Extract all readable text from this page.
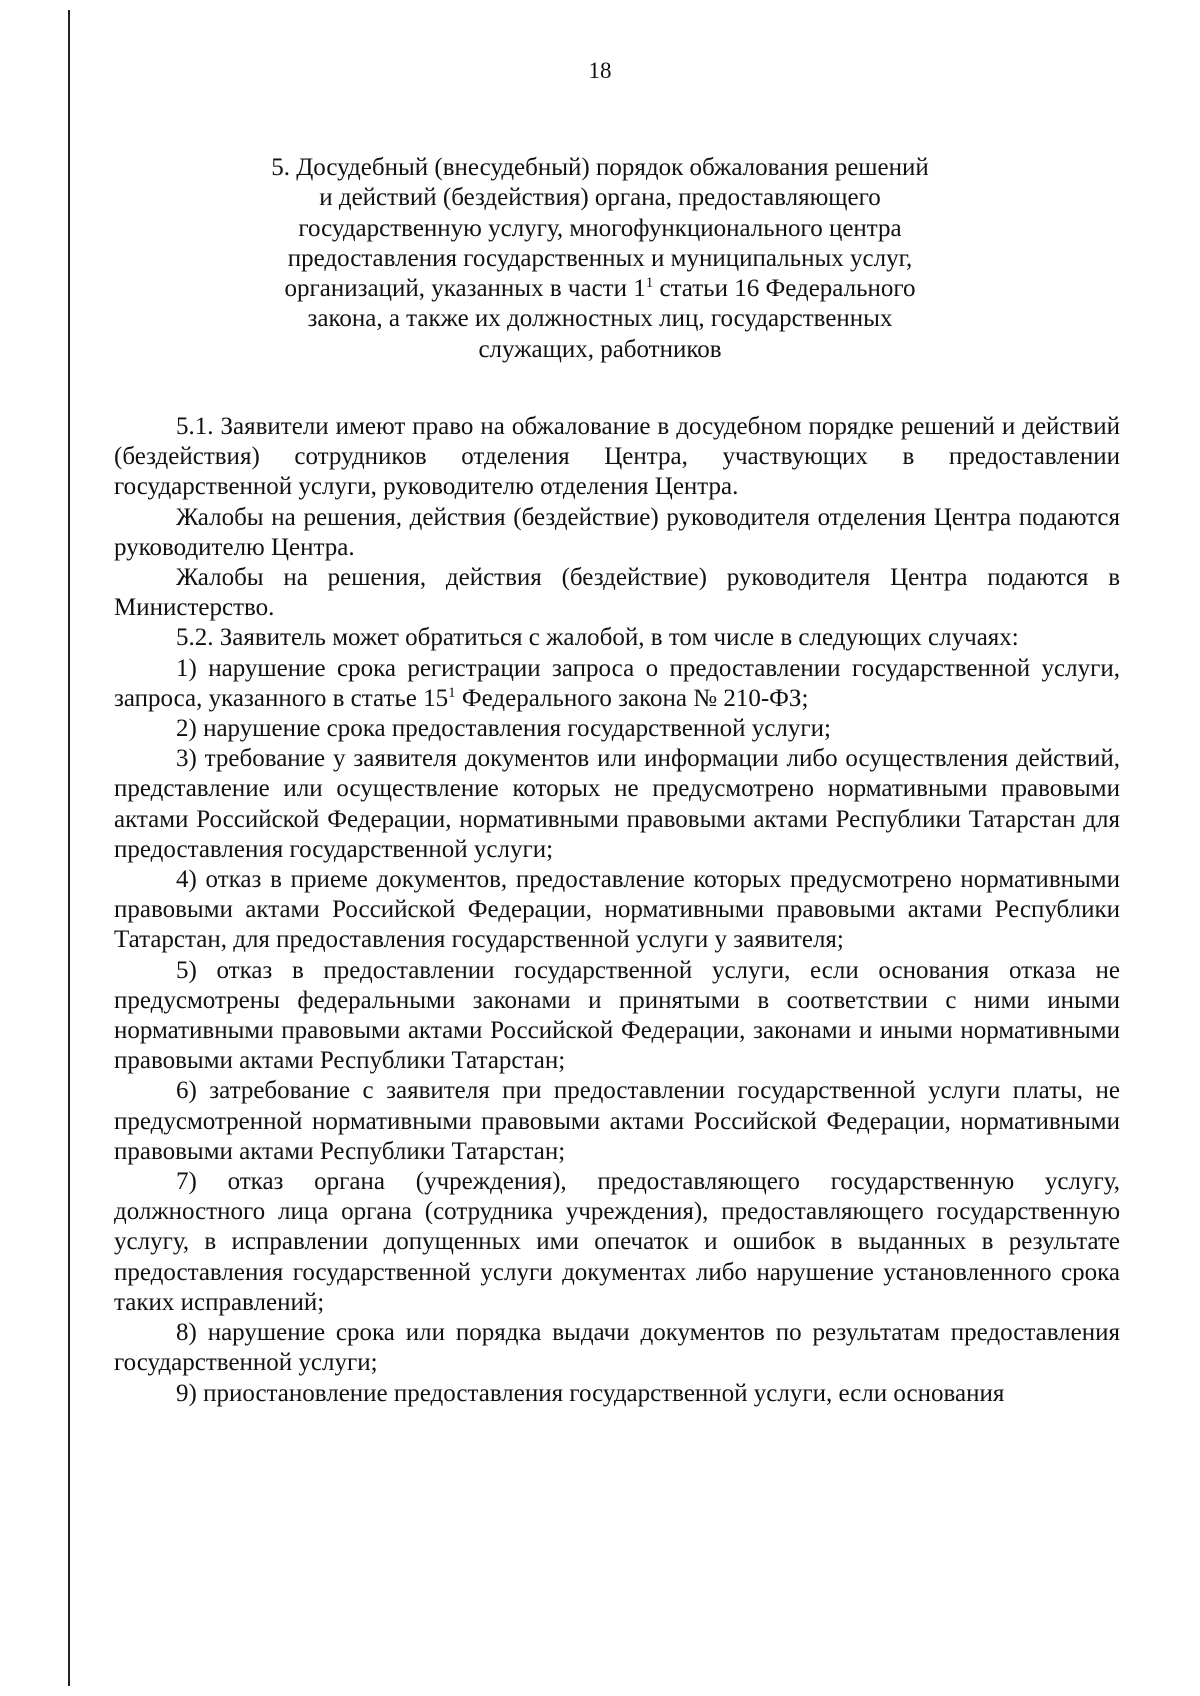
18
5. Досудебный (внесудебный) порядок обжалования решений
и действий (бездействия) органа, предоставляющего
государственную услугу, многофункционального центра
предоставления государственных и муниципальных услуг,
организаций, указанных в части $1^1$ статьи 16 Федерального
закона, а также их должностных лиц, государственных
служащих, работников

5.1. Заявители имеют право на обжалование в досудебном порядке решений и действий (бездействия) сотрудников отделения Центра, участвующих в предоставлении государственной услуги, руководителю отделения Центра.

Жалобы на решения, действия (бездействие) руководителя отделения Центра подаются руководителю Центра.

Жалобы на решения, действия (бездействие) руководителя Центра подаются в Министерство.

5.2. Заявитель может обратиться с жалобой, в том числе в следующих случаях:

1) нарушение срока регистрации запроса о предоставлении государственной услуги, запроса, указанного в статье $15^1$ Федерального закона № 210-ФЗ;

2) нарушение срока предоставления государственной услуги;

3) требование у заявителя документов или информации либо осуществления действий, представление или осуществление которых не предусмотрено нормативными правовыми актами Российской Федерации, нормативными правовыми актами Республики Татарстан для предоставления государственной услуги;

4) отказ в приеме документов, предоставление которых предусмотрено нормативными правовыми актами Российской Федерации, нормативными правовыми актами Республики Татарстан, для предоставления государственной услуги у заявителя;

5) отказ в предоставлении государственной услуги, если основания отказа не предусмотрены федеральными законами и принятыми в соответствии с ними иными нормативными правовыми актами Российской Федерации, законами и иными нормативными правовыми актами Республики Татарстан;

6) затребование с заявителя при предоставлении государственной услуги платы, не предусмотренной нормативными правовыми актами Российской Федерации, нормативными правовыми актами Республики Татарстан;

7) отказ органа (учреждения), предоставляющего государственную услугу, должностного лица органа (сотрудника учреждения), предоставляющего государственную услугу, в исправлении допущенных ими опечаток и ошибок в выданных в результате предоставления государственной услуги документах либо нарушение установленного срока таких исправлений;

8) нарушение срока или порядка выдачи документов по результатам предоставления государственной услуги;

9) приостановление предоставления государственной услуги, если основания
